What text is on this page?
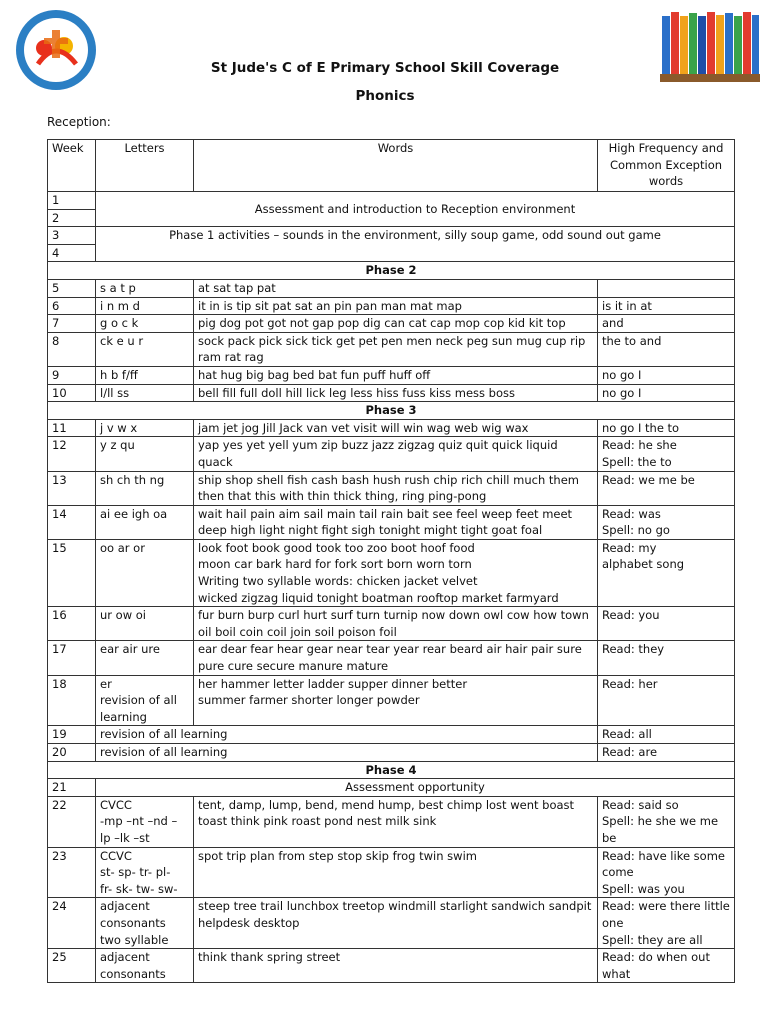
St Jude's C of E Primary School Skill Coverage
Phonics
Reception:
Week	Letters	Words	High Frequency and Common Exception words
1	Assessment and introduction to Reception environment		
2			
3	Phase 1 activities – sounds in the environment, silly soup game, odd sound out game		
4			
Phase 2			
5	s a t p	at sat tap pat	
6	i n m d	it in is tip sit pat sat an pin pan man mat map	is it in at
7	g o c k	pig dog pot got not gap pop dig can cat cap mop cop kid kit top	and
8	ck e u r	sock pack pick sick tick get pet pen men neck peg sun mug cup rip ram rat rag	the to and
9	h b f/ff	hat hug big bag bed bat fun puff huff off	no go I
10	l/ll ss	bell fill full doll hill lick leg less hiss fuss kiss mess boss	no go I
Phase 3			
11	j v w x	jam jet jog Jill Jack van vet visit will win wag web wig wax	no go I the to
12	y z qu	yap yes yet yell yum zip buzz jazz zigzag quiz quit quick liquid quack	Read: he she
Spell: the to
13	sh ch th ng	ship shop shell fish cash bash hush rush chip rich chill much them then that this with thin thick thing, ring ping-pong	Read: we me be
14	ai ee igh oa	wait hail pain aim sail main tail rain bait see feel weep feet meet deep high light night fight sigh tonight might tight goat foal	Read: was
Spell: no go
15	oo ar or	look foot book good took too zoo boot hoof food
moon car bark hard for fork sort born worn torn
Writing two syllable words: chicken jacket velvet
wicked zigzag liquid tonight boatman rooftop market farmyard	Read: my
alphabet song
16	ur ow oi	fur burn burp curl hurt surf turn turnip now down owl cow how town oil boil coin coil join soil poison foil	Read: you
17	ear air ure	ear dear fear hear gear near tear year rear beard air hair pair sure pure cure secure manure mature	Read: they
18	er
revision of all learning	her hammer letter ladder supper dinner better
summer farmer shorter longer powder	Read: her
19	revision of all learning		Read: all
20	revision of all learning		Read: are
Phase 4			
21	Assessment opportunity		
22	CVCC
-mp –nt –nd –
lp –lk –st	tent, damp, lump, bend, mend hump, best chimp lost went boast toast think pink roast pond nest milk sink	Read: said so
Spell: he she we me be
23	CCVC
st- sp- tr- pl-
fr- sk- tw- sw-	spot trip plan from step stop skip frog twin swim	Read: have like some come
Spell: was you
24	adjacent consonants two syllable	steep tree trail lunchbox treetop windmill starlight sandwich sandpit helpdesk desktop	Read: were there little one
Spell: they are all
25	adjacent consonants	think thank spring street	Read: do when out what
